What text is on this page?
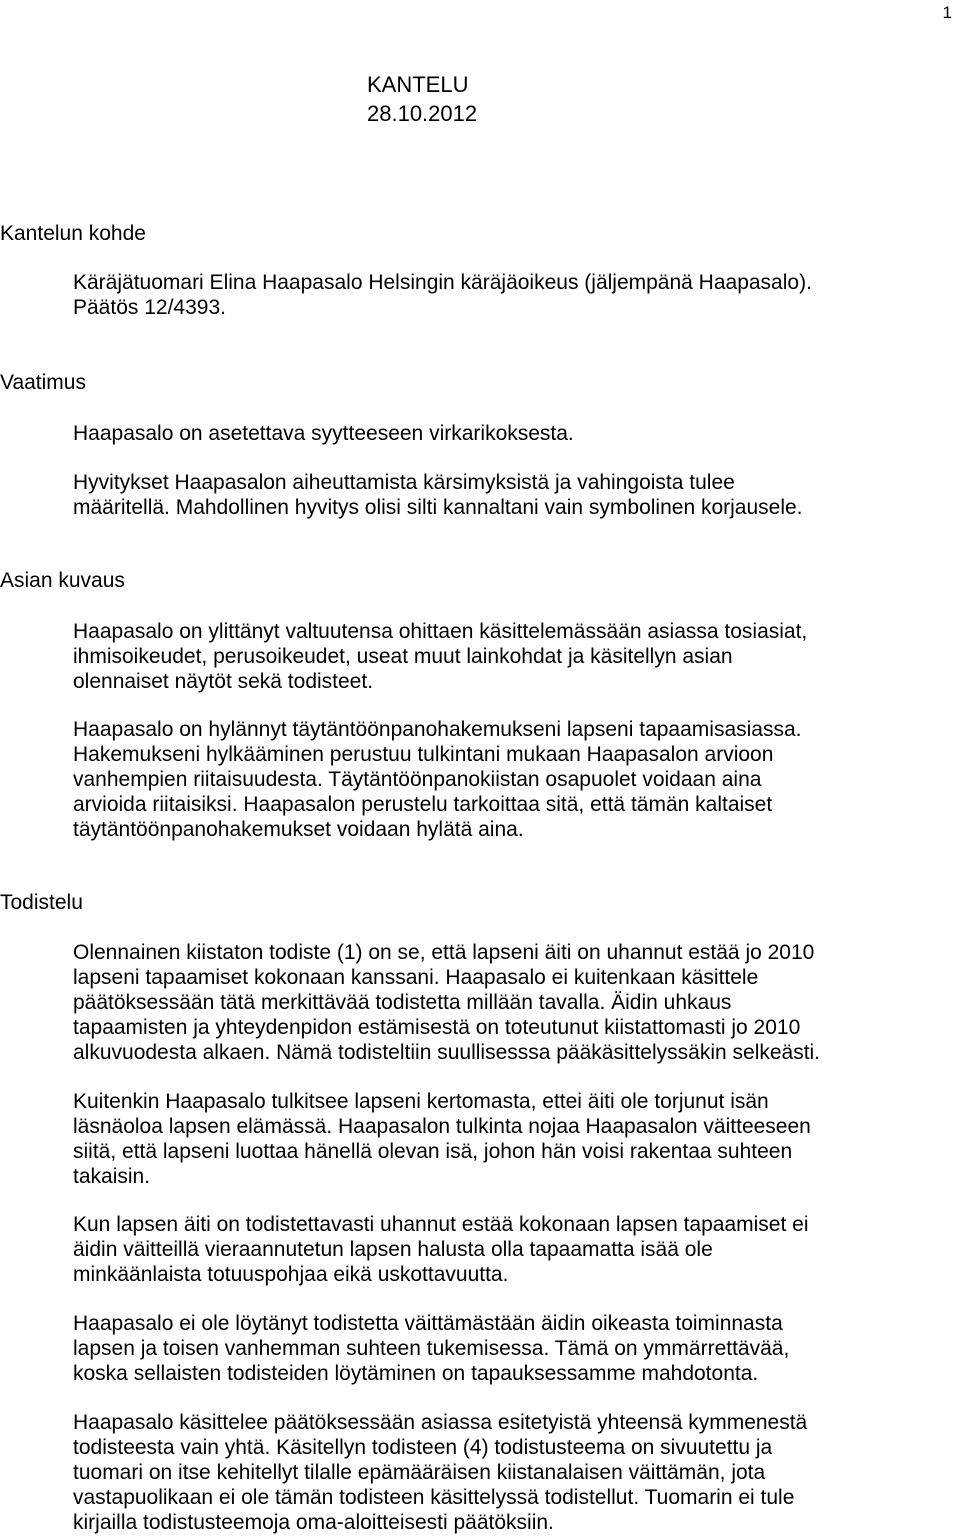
1
KANTELU
28.10.2012
Kantelun kohde
Käräjätuomari Elina Haapasalo Helsingin käräjäoikeus (jäljempänä Haapasalo).
Päätös 12/4393.
Vaatimus
Haapasalo on asetettava syytteeseen virkarikoksesta.
Hyvitykset Haapasalon aiheuttamista kärsimyksistä ja vahingoista tulee
määritellä. Mahdollinen hyvitys olisi silti kannaltani vain symbolinen korjausele.
Asian kuvaus
Haapasalo on ylittänyt valtuutensa ohittaen käsittelemässään asiassa tosiasiat,
ihmisoikeudet, perusoikeudet, useat muut lainkohdat ja käsitellyn asian
olennaiset näytöt sekä todisteet.
Haapasalo on hylännyt täytäntöönpanohakemukseni lapseni tapaamisasiassa.
Hakemukseni hylkääminen perustuu tulkintani mukaan Haapasalon arvioon
vanhempien riitaisuudesta. Täytäntöönpanokiistan osapuolet voidaan aina
arvioida riitaisiksi. Haapasalon perustelu tarkoittaa sitä, että tämän kaltaiset
täytäntöönpanohakemukset voidaan hylätä aina.
Todistelu
Olennainen kiistaton todiste (1) on se, että lapseni äiti on uhannut estää jo 2010
lapseni tapaamiset kokonaan kanssani. Haapasalo ei kuitenkaan käsittele
päätöksessään tätä merkittävää todistetta millään tavalla. Äidin uhkaus
tapaamisten ja yhteydenpidon estämisestä on toteutunut kiistattomasti jo 2010
alkuvuodesta alkaen. Nämä todisteltiin suullisesssa pääkäsittelyssäkin selkeästi.
Kuitenkin Haapasalo tulkitsee lapseni kertomasta, ettei äiti ole torjunut isän
läsnäoloa lapsen elämässä. Haapasalon tulkinta nojaa Haapasalon väitteeseen
siitä, että lapseni luottaa hänellä olevan isä, johon hän voisi rakentaa suhteen
takaisin.
Kun lapsen äiti on todistettavasti uhannut estää kokonaan lapsen tapaamiset ei
äidin väitteillä vieraannutetun lapsen halusta olla tapaamatta isää ole
minkäänlaista totuuspohjaa eikä uskottavuutta.
Haapasalo ei ole löytänyt todistetta väittämästään äidin oikeasta toiminnasta
lapsen ja toisen vanhemman suhteen tukemisessa. Tämä on ymmärrettävää,
koska sellaisten todisteiden löytäminen on tapauksessamme mahdotonta.
Haapasalo käsittelee päätöksessään asiassa esitetyistä yhteensä kymmenestä
todisteesta vain yhtä. Käsitellyn todisteen (4) todistusteema on sivuutettu ja
tuomari on itse kehitellyt tilalle epämääräisen kiistanalaisen väittämän, jota
vastapuolikaan ei ole tämän todisteen käsittelyssä todistellut. Tuomarin ei tule
kirjailla todistusteemoja oma-aloitteisesti päätöksiin.
